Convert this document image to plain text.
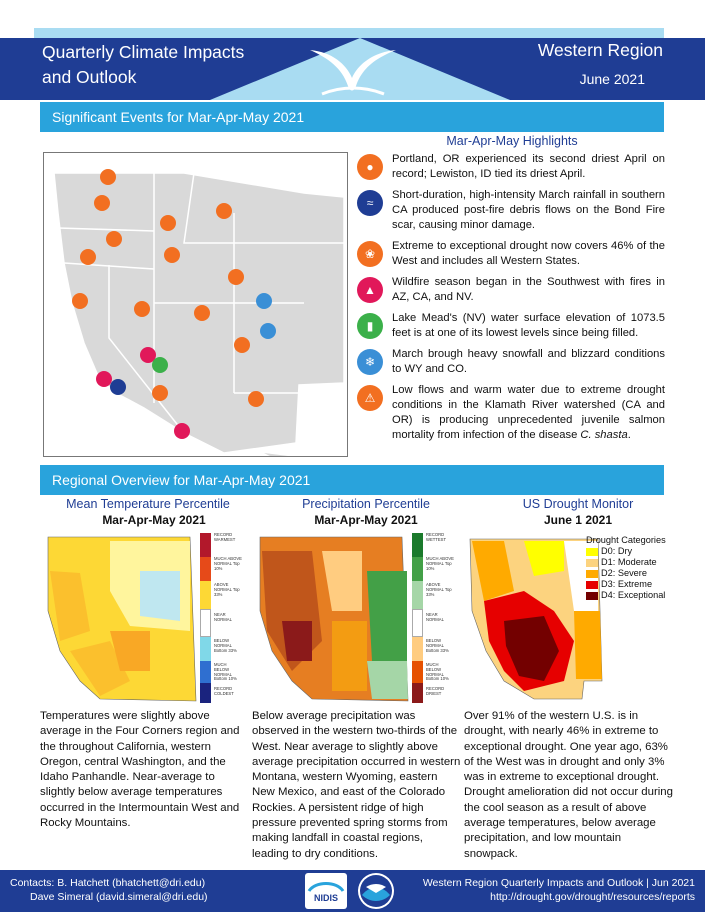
Quarterly Climate Impacts
and Outlook
Western Region
June 2021
Significant Events for Mar-Apr-May 2021
Mar-Apr-May Highlights
●
Portland, OR experienced its second driest April on record; Lewiston, ID tied its driest April.
≈
Short-duration, high-intensity March rainfall in southern CA produced post-fire debris flows on the Bond Fire scar, causing minor damage.
❀
Extreme to exceptional drought now covers 46% of the West and includes all Western States.
▲
Wildfire season began in the Southwest with fires in AZ, CA, and NV.
▮
Lake Mead's (NV) water surface elevation of 1073.5 feet is at one of its lowest levels since being filled.
❄
March brough heavy snowfall and blizzard conditions to WY and CO.
⚠
Low flows and warm water due to extreme drought conditions in the Klamath River watershed (CA and OR) is producing unprecedented juvenile salmon mortality from infection of the disease C. shasta.
Regional Overview for Mar-Apr-May 2021
Mean Temperature Percentile
Mar-Apr-May 2021
RECORD WARMEST
MUCH ABOVE NORMAL Top 10%
ABOVE NORMAL Top 33%
NEAR NORMAL
BELOW NORMAL Bottom 33%
MUCH BELOW NORMAL Bottom 10%
RECORD COLDEST
Temperatures were slightly above average in the Four Corners region and the throughout California, western Oregon, central Washington, and the Idaho Panhandle. Near-average to slightly below average temperatures occurred in the Intermountain West and Rocky Mountains.
Precipitation Percentile
Mar-Apr-May 2021
RECORD WETTEST
MUCH ABOVE NORMAL Top 10%
ABOVE NORMAL Top 33%
NEAR NORMAL
BELOW NORMAL Bottom 33%
MUCH BELOW NORMAL Bottom 10%
RECORD DRIEST
Below average precipitation was observed in the western two-thirds of the West. Near average to slightly above average precipitation occurred in western Montana, western Wyoming, eastern New Mexico, and east of the Colorado Rockies. A persistent ridge of high pressure prevented spring storms from making landfall in coastal regions, leading to dry conditions.
US Drought Monitor
June 1 2021
Drought Categories
D0: Dry
D1: Moderate
D2: Severe
D3: Extreme
D4: Exceptional
Over 91% of the western U.S. is in drought, with nearly 46% in extreme to exceptional drought. One year ago, 63% of the West was in drought and only 3% was in extreme to exceptional drought. Drought amelioration did not occur during the cool season as a result of above average temperatures, below average precipitation, and low mountain snowpack.
Contacts: B. Hatchett (bhatchett@dri.edu)
Dave Simeral (david.simeral@dri.edu)	NIDIS
Western Region Quarterly Impacts and Outlook | Jun 2021
http://drought.gov/drought/resources/reports
